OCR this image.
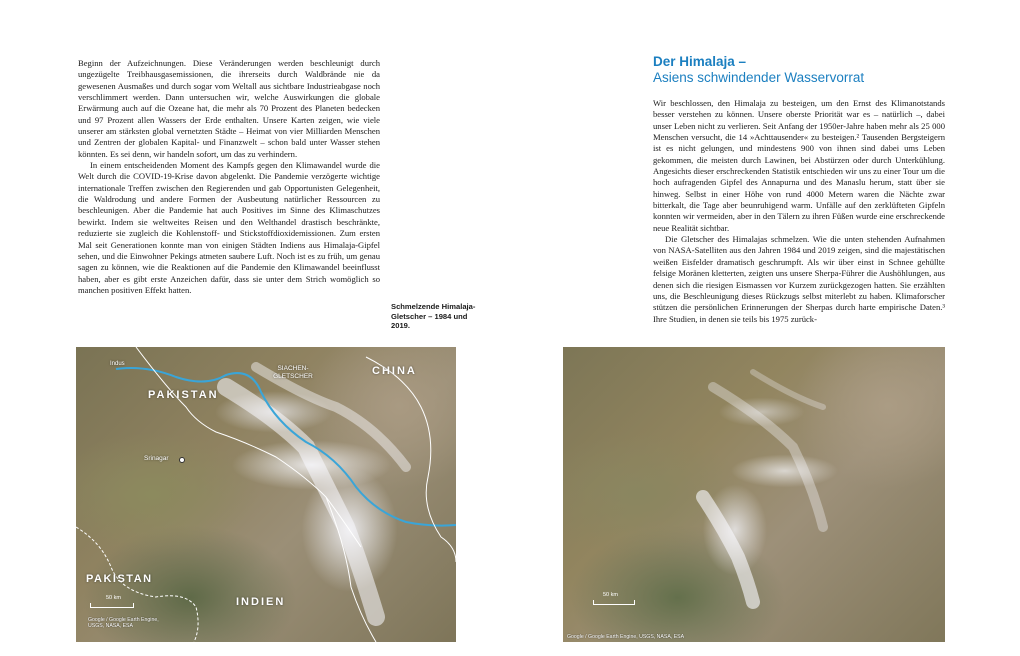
Beginn der Aufzeichnungen. Diese Veränderungen werden beschleunigt durch ungezügelte Treibhausgasemissionen, die ihrerseits durch Waldbrände nie da gewesenen Ausmaßes und durch sogar vom Weltall aus sichtbare Industrieabgase noch verschlimmert werden. Dann untersuchen wir, welche Auswirkungen die globale Erwärmung auch auf die Ozeane hat, die mehr als 70 Prozent des Planeten bedecken und 97 Prozent allen Wassers der Erde enthalten. Unsere Karten zeigen, wie viele unserer am stärksten global vernetzten Städte – Heimat von vier Milliarden Menschen und Zentren der globalen Kapital- und Finanzwelt – schon bald unter Wasser stehen könnten. Es sei denn, wir handeln sofort, um das zu verhindern.

In einem entscheidenden Moment des Kampfs gegen den Klimawandel wurde die Welt durch die COVID-19-Krise davon abgelenkt. Die Pandemie verzögerte wichtige internationale Treffen zwischen den Regierenden und gab Opportunisten Gelegenheit, die Waldrodung und andere Formen der Ausbeutung natürlicher Ressourcen zu beschleunigen. Aber die Pandemie hat auch Positives im Sinne des Klimaschutzes bewirkt. Indem sie weltweites Reisen und den Welthandel drastisch beschränkte, reduzierte sie zugleich die Kohlenstoff- und Stickstoffdioxidemissionen. Zum ersten Mal seit Generationen konnte man von einigen Städten Indiens aus Himalaja-Gipfel sehen, und die Einwohner Pekings atmeten saubere Luft. Noch ist es zu früh, um genau sagen zu können, wie die Reaktionen auf die Pandemie den Klimawandel beeinflusst haben, aber es gibt erste Anzeichen dafür, dass sie unter dem Strich womöglich so manchen positiven Effekt hatten.

Schmelzende Himalaja-Gletscher – 1984 und 2019.
Der Himalaja –
Asiens schwindender Wasservorrat

Wir beschlossen, den Himalaja zu besteigen, um den Ernst des Klimanotstands besser verstehen zu können. Unsere oberste Priorität war es – natürlich –, dabei unser Leben nicht zu verlieren. Seit Anfang der 1950er-Jahre haben mehr als 25 000 Menschen versucht, die 14 »Achttausender« zu besteigen.² Tausenden Bergsteigern ist es nicht gelungen, und mindestens 900 von ihnen sind dabei ums Leben gekommen, die meisten durch Lawinen, bei Abstürzen oder durch Unterkühlung. Angesichts dieser erschreckenden Statistik entschieden wir uns zu einer Tour um die hoch aufragenden Gipfel des Annapurna und des Manaslu herum, statt über sie hinweg. Selbst in einer Höhe von rund 4000 Metern waren die Nächte zwar bitterkalt, die Tage aber beunruhigend warm. Unfälle auf den zerklüfteten Gipfeln konnten wir vermeiden, aber in den Tälern zu ihren Füßen wurde eine erschreckende neue Realität sichtbar.

Die Gletscher des Himalajas schmelzen. Wie die unten stehenden Aufnahmen von NASA-Satelliten aus den Jahren 1984 und 2019 zeigen, sind die majestätischen weißen Eisfelder dramatisch geschrumpft. Als wir über einst in Schnee gehüllte felsige Moränen kletterten, zeigten uns unsere Sherpa-Führer die Aushöhlungen, aus denen sich die riesigen Eismassen vor Kurzem zurückgezogen hatten. Sie erzählten uns, die Beschleunigung dieses Rückzugs selbst miterlebt zu haben. Klimaforscher stützen die persönlichen Erinnerungen der Sherpas durch harte empirische Daten.³ Ihre Studien, in denen sie teils bis 1975 zurück-

Indus
PAKISTAN
SIACHEN-
GLETSCHER	CHINA
Srinagar
PAKISTAN
INDIEN
50 km
Google / Google Earth Engine,
USGS, NASA, ESA
50 km
Google / Google Earth Engine, USGS, NASA, ESA
